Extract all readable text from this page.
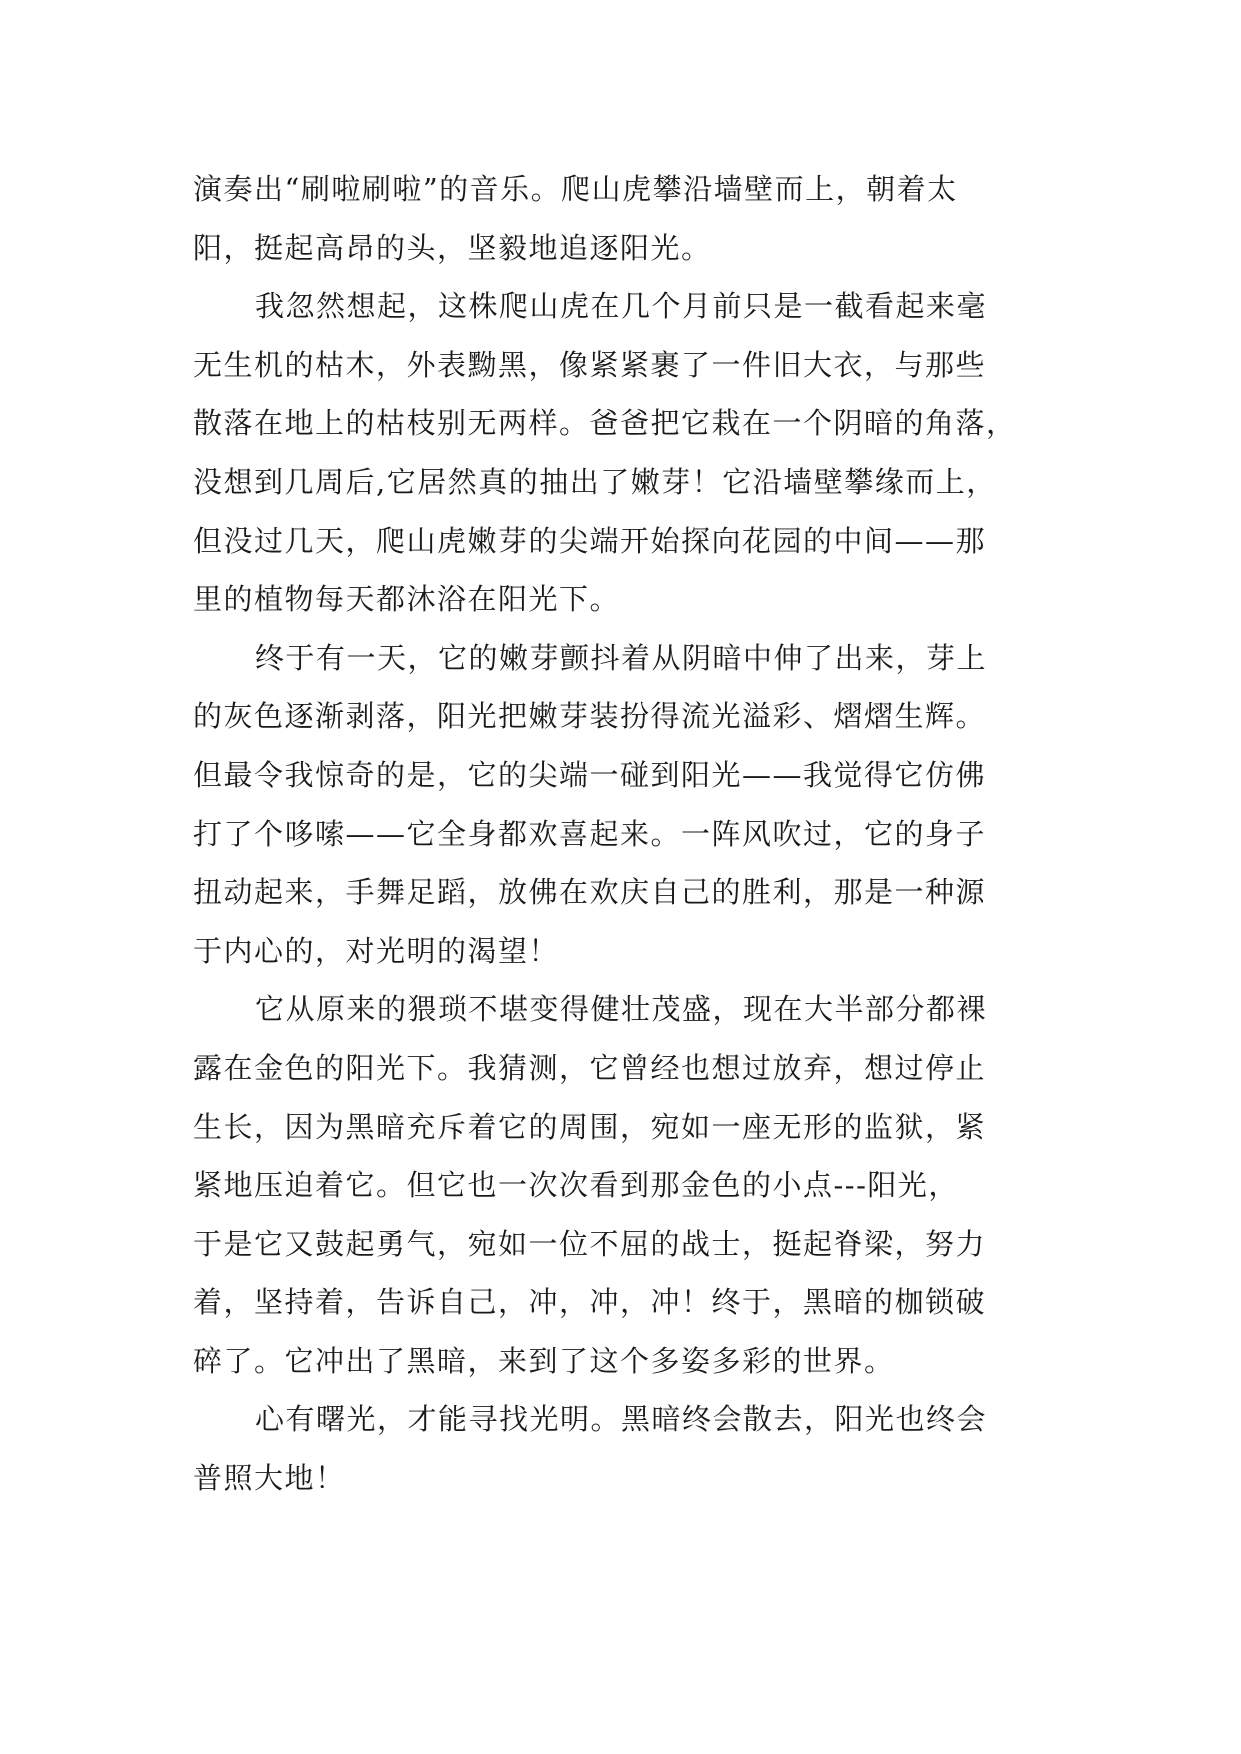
演奏出“刷啦刷啦”的音乐。爬山虎攀沿墙壁而上，朝着太
阳，挺起高昂的头，坚毅地追逐阳光。
我忽然想起，这株爬山虎在几个月前只是一截看起来毫
无生机的枯木，外表黝黑，像紧紧裹了一件旧大衣，与那些
散落在地上的枯枝别无两样。爸爸把它栽在一个阴暗的角落，
没想到几周后,它居然真的抽出了嫩芽！它沿墙壁攀缘而上，
但没过几天，爬山虎嫩芽的尖端开始探向花园的中间——那
里的植物每天都沐浴在阳光下。
终于有一天，它的嫩芽颤抖着从阴暗中伸了出来，芽上
的灰色逐渐剥落，阳光把嫩芽装扮得流光溢彩、熠熠生辉。
但最令我惊奇的是，它的尖端一碰到阳光——我觉得它仿佛
打了个哆嗦——它全身都欢喜起来。一阵风吹过，它的身子
扭动起来，手舞足蹈，放佛在欢庆自己的胜利，那是一种源
于内心的，对光明的渴望！
它从原来的猥琐不堪变得健壮茂盛，现在大半部分都裸
露在金色的阳光下。我猜测，它曾经也想过放弃，想过停止
生长，因为黑暗充斥着它的周围，宛如一座无形的监狱，紧
紧地压迫着它。但它也一次次看到那金色的小点---阳光，
于是它又鼓起勇气，宛如一位不屈的战士，挺起脊梁，努力
着，坚持着，告诉自己，冲，冲，冲！终于，黑暗的枷锁破
碎了。它冲出了黑暗，来到了这个多姿多彩的世界。
心有曙光，才能寻找光明。黑暗终会散去，阳光也终会
普照大地！
